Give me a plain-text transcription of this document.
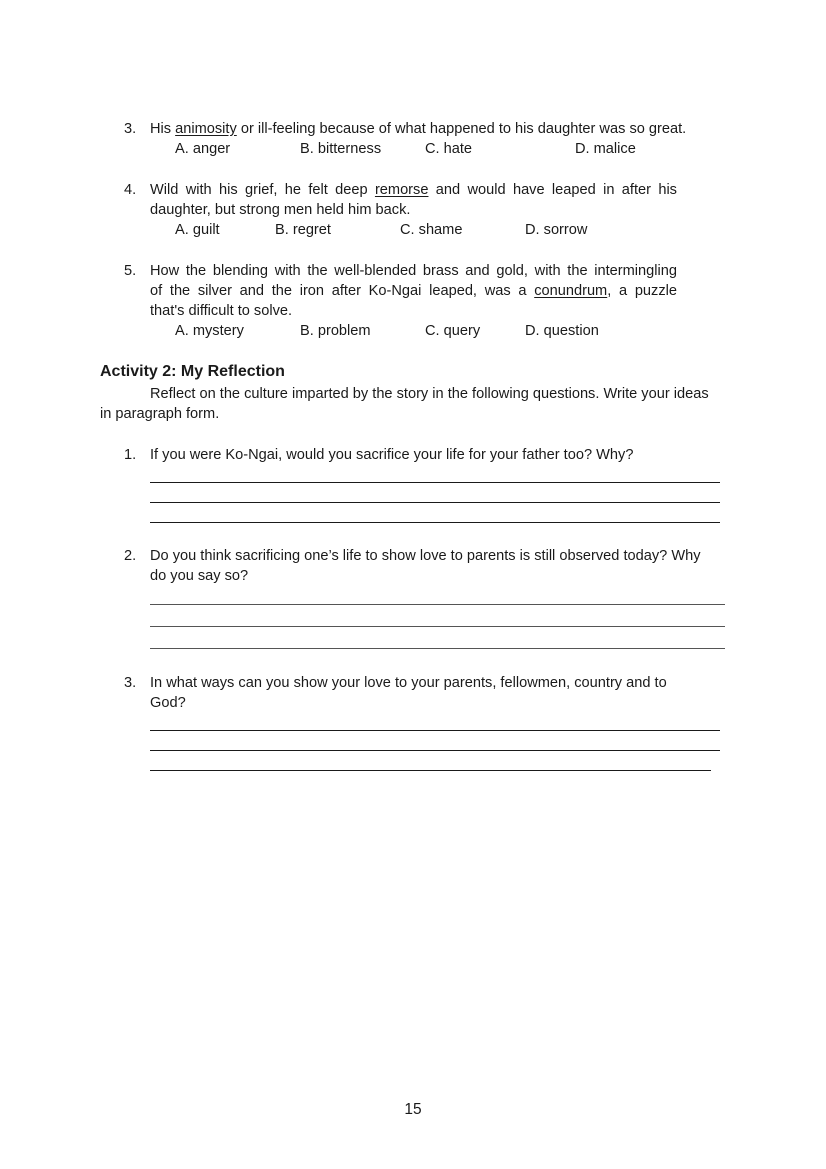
3. His animosity or ill-feeling because of what happened to his daughter was so great.
A. anger	B. bitterness	C. hate	D. malice
4. Wild with his grief, he felt deep remorse and would have leaped in after his
daughter, but strong men held him back.
A. guilt	B. regret	C. shame	D. sorrow
5. How the blending with the well-blended brass and gold, with the intermingling
of the silver and the iron after Ko-Ngai leaped, was a conundrum, a puzzle
that's difficult to solve.
A. mystery	B. problem	C. query	D. question
Activity 2: My Reflection
Reflect on the culture imparted by the story in the following questions. Write your ideas
in paragraph form.
1. If you were Ko-Ngai, would you sacrifice your life for your father too? Why?
2. Do you think sacrificing one’s life to show love to parents is still observed today? Why
do you say so?
3. In what ways can you show your love to your parents, fellowmen, country and to
God?
15
